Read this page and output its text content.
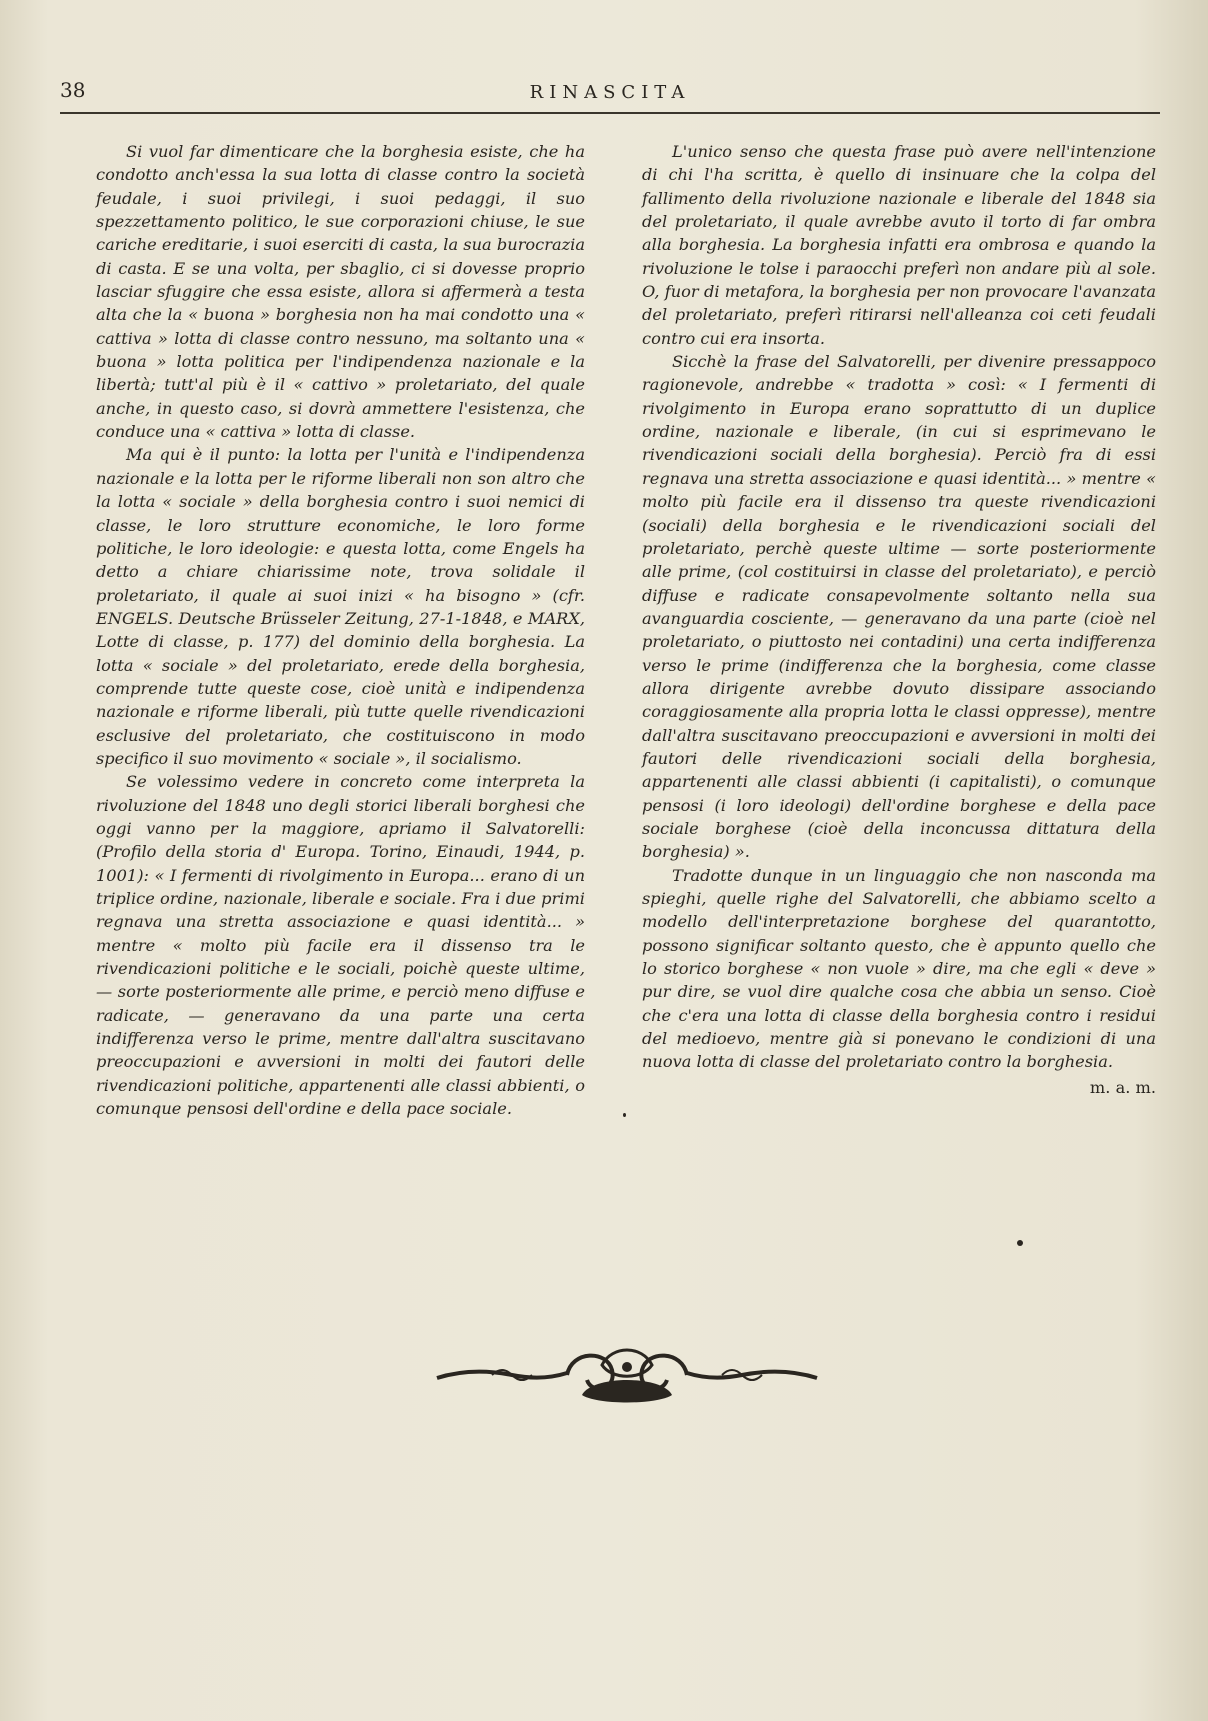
38	RINASCITA

Si vuol far dimenticare che la borghesia esiste, che ha condotto anch'essa la sua lotta di classe contro la società feudale, i suoi privilegi, i suoi pedaggi, il suo spezzettamento politico, le sue corporazioni chiuse, le sue cariche ereditarie, i suoi eserciti di casta, la sua burocrazia di casta. E se una volta, per sbaglio, ci si dovesse proprio lasciar sfuggire che essa esiste, allora si affermerà a testa alta che la « buona » borghesia non ha mai condotto una « cattiva » lotta di classe contro nessuno, ma soltanto una « buona » lotta politica per l'indipendenza nazionale e la libertà; tutt'al più è il « cattivo » proletariato, del quale anche, in questo caso, si dovrà ammettere l'esistenza, che conduce una « cattiva » lotta di classe.

Ma qui è il punto: la lotta per l'unità e l'indipendenza nazionale e la lotta per le riforme liberali non son altro che la lotta « sociale » della borghesia contro i suoi nemici di classe, le loro strutture economiche, le loro forme politiche, le loro ideologie: e questa lotta, come Engels ha detto a chiare chiarissime note, trova solidale il proletariato, il quale ai suoi inizi « ha bisogno » (cfr. ENGELS. Deutsche Brüsseler Zeitung, 27-1-1848, e MARX, Lotte di classe, p. 177) del dominio della borghesia. La lotta « sociale » del proletariato, erede della borghesia, comprende tutte queste cose, cioè unità e indipendenza nazionale e riforme liberali, più tutte quelle rivendicazioni esclusive del proletariato, che costituiscono in modo specifico il suo movimento « sociale », il socialismo.

Se volessimo vedere in concreto come interpreta la rivoluzione del 1848 uno degli storici liberali borghesi che oggi vanno per la maggiore, apriamo il Salvatorelli: (Profilo della storia d' Europa. Torino, Einaudi, 1944, p. 1001): « I fermenti di rivolgimento in Europa... erano di un triplice ordine, nazionale, liberale e sociale. Fra i due primi regnava una stretta associazione e quasi identità... » mentre « molto più facile era il dissenso tra le rivendicazioni politiche e le sociali, poichè queste ultime, — sorte posteriormente alle prime, e perciò meno diffuse e radicate, — generavano da una parte una certa indifferenza verso le prime, mentre dall'altra suscitavano preoccupazioni e avversioni in molti dei fautori delle rivendicazioni politiche, appartenenti alle classi abbienti, o comunque pensosi dell'ordine e della pace sociale.

L'unico senso che questa frase può avere nell'intenzione di chi l'ha scritta, è quello di insinuare che la colpa del fallimento della rivoluzione nazionale e liberale del 1848 sia del proletariato, il quale avrebbe avuto il torto di far ombra alla borghesia. La borghesia infatti era ombrosa e quando la rivoluzione le tolse i paraocchi preferì non andare più al sole. O, fuor di metafora, la borghesia per non provocare l'avanzata del proletariato, preferì ritirarsi nell'alleanza coi ceti feudali contro cui era insorta.

Sicchè la frase del Salvatorelli, per divenire pressappoco ragionevole, andrebbe « tradotta » così: « I fermenti di rivolgimento in Europa erano soprattutto di un duplice ordine, nazionale e liberale, (in cui si esprimevano le rivendicazioni sociali della borghesia). Perciò fra di essi regnava una stretta associazione e quasi identità... » mentre « molto più facile era il dissenso tra queste rivendicazioni (sociali) della borghesia e le rivendicazioni sociali del proletariato, perchè queste ultime — sorte posteriormente alle prime, (col costituirsi in classe del proletariato), e perciò diffuse e radicate consapevolmente soltanto nella sua avanguardia cosciente, — generavano da una parte (cioè nel proletariato, o piuttosto nei contadini) una certa indifferenza verso le prime (indifferenza che la borghesia, come classe allora dirigente avrebbe dovuto dissipare associando coraggiosamente alla propria lotta le classi oppresse), mentre dall'altra suscitavano preoccupazioni e avversioni in molti dei fautori delle rivendicazioni sociali della borghesia, appartenenti alle classi abbienti (i capitalisti), o comunque pensosi (i loro ideologi) dell'ordine borghese e della pace sociale borghese (cioè della inconcussa dittatura della borghesia) ».

Tradotte dunque in un linguaggio che non nasconda ma spieghi, quelle righe del Salvatorelli, che abbiamo scelto a modello dell'interpretazione borghese del quarantotto, possono significar soltanto questo, che è appunto quello che lo storico borghese « non vuole » dire, ma che egli « deve » pur dire, se vuol dire qualche cosa che abbia un senso. Cioè che c'era una lotta di classe della borghesia contro i residui del medioevo, mentre già si ponevano le condizioni di una nuova lotta di classe del proletariato contro la borghesia.

m. a. m.
